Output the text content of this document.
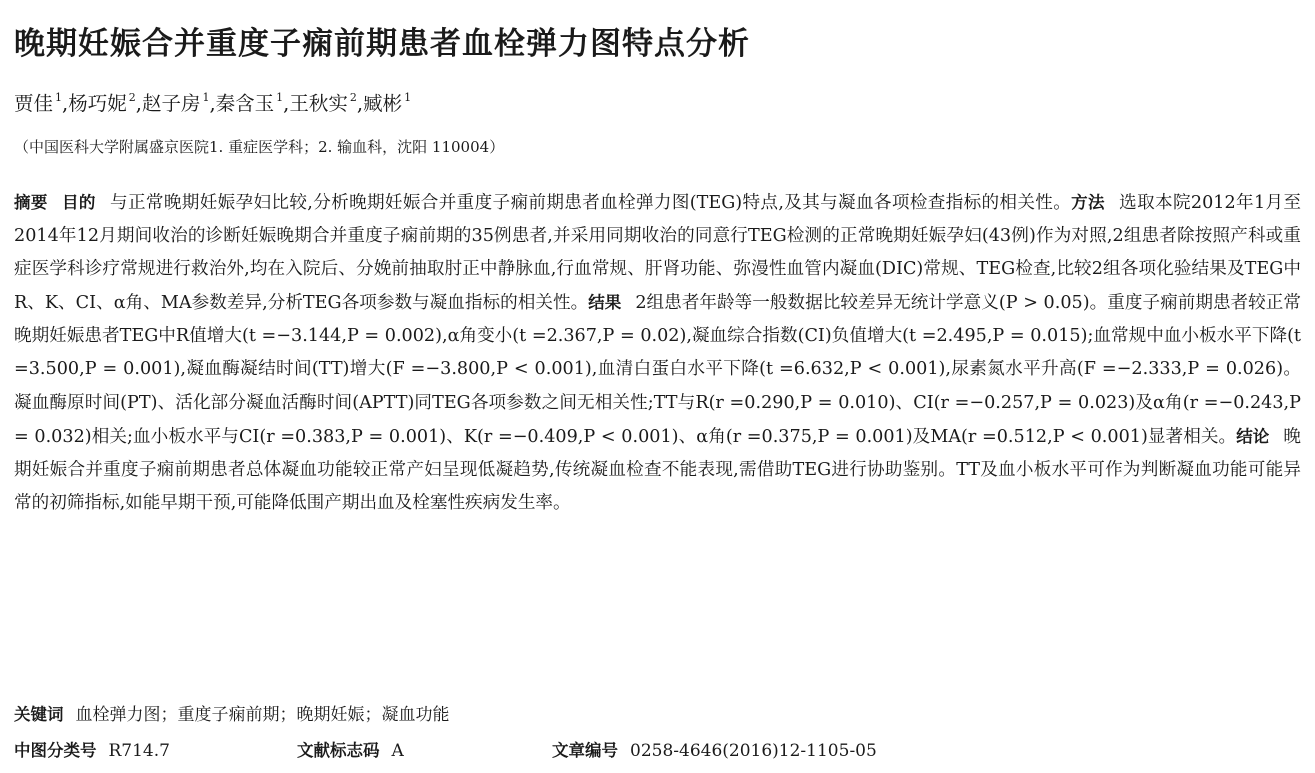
晚期妊娠合并重度子痫前期患者血栓弹力图特点分析
贾佳 $^1$,杨巧妮 $^2$,赵子房 $^1$,秦含玉 $^1$,王秋实 $^2$,臧彬 $^1$
（中国医科大学附属盛京医院1. 重症医学科；2. 输血科，沈阳 110004）

摘要 目的 与正常晚期妊娠孕妇比较,分析晚期妊娠合并重度子痫前期患者血栓弹力图(TEG)特点,及其与凝血各项检查指标的相关性。方法 选取本院2012年1月至2014年12月期间收治的诊断妊娠晚期合并重度子痫前期的35例患者,并采用同期收治的同意行TEG检测的正常晚期妊娠孕妇(43例)作为对照,2组患者除按照产科或重症医学科诊疗常规进行救治外,均在入院后、分娩前抽取肘正中静脉血,行血常规、肝肾功能、弥漫性血管内凝血(DIC)常规、TEG检查,比较2组各项化验结果及TEG中R、K、CI、α角、MA参数差异,分析TEG各项参数与凝血指标的相关性。结果 2组患者年龄等一般数据比较差异无统计学意义(P > 0.05)。重度子痫前期患者较正常晚期妊娠患者TEG中R值增大(t =−3.144,P = 0.002),α角变小(t =2.367,P = 0.02),凝血综合指数(CI)负值增大(t =2.495,P = 0.015);血常规中血小板水平下降(t =3.500,P = 0.001),凝血酶凝结时间(TT)增大(F =−3.800,P < 0.001),血清白蛋白水平下降(t =6.632,P < 0.001),尿素氮水平升高(F =−2.333,P = 0.026)。凝血酶原时间(PT)、活化部分凝血活酶时间(APTT)同TEG各项参数之间无相关性;TT与R(r =0.290,P = 0.010)、CI(r =−0.257,P = 0.023)及α角(r =−0.243,P = 0.032)相关;血小板水平与CI(r =0.383,P = 0.001)、K(r =−0.409,P < 0.001)、α角(r =0.375,P = 0.001)及MA(r =0.512,P < 0.001)显著相关。结论 晚期妊娠合并重度子痫前期患者总体凝血功能较正常产妇呈现低凝趋势,传统凝血检查不能表现,需借助TEG进行协助鉴别。TT及血小板水平可作为判断凝血功能可能异常的初筛指标,如能早期干预,可能降低围产期出血及栓塞性疾病发生率。

关键词 血栓弹力图；重度子痫前期；晚期妊娠；凝血功能
中图分类号 R714.7	文献标志码 A	文章编号 0258-4646(2016)12-1105-05
